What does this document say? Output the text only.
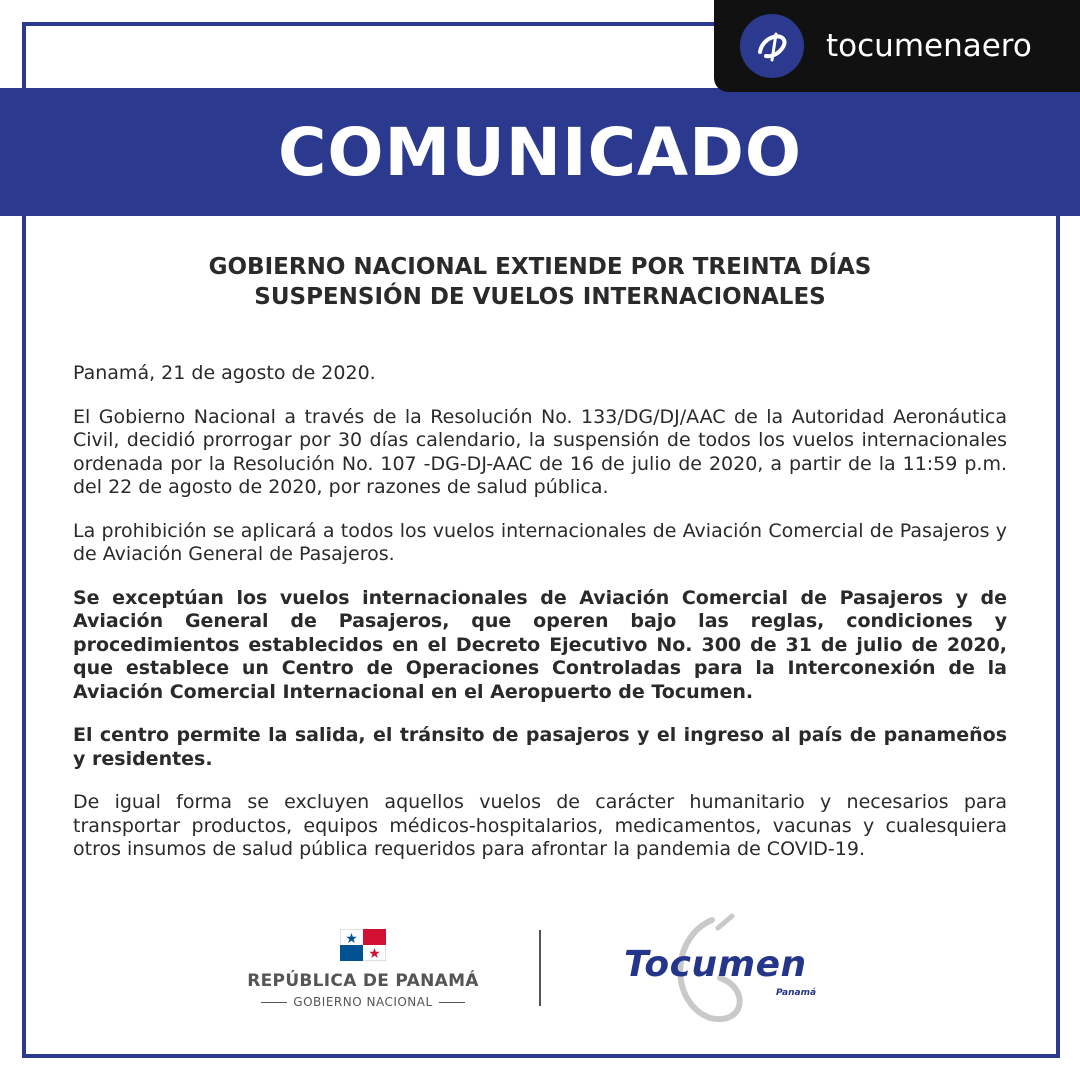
COMUNICADO
tocumenaero
GOBIERNO NACIONAL EXTIENDE POR TREINTA DÍAS
SUSPENSIÓN DE VUELOS INTERNACIONALES

Panamá, 21 de agosto de 2020.

El Gobierno Nacional a través de la Resolución No. 133/DG/DJ/AAC de la Autoridad Aeronáutica Civil, decidió prorrogar por 30 días calendario, la suspensión de todos los vuelos internacionales ordenada por la Resolución No. 107 -DG-DJ-AAC de 16 de julio de 2020, a partir de la 11:59 p.m. del 22 de agosto de 2020, por razones de salud pública.

La prohibición se aplicará a todos los vuelos internacionales de Aviación Comercial de Pasajeros y de Aviación General de Pasajeros.

Se exceptúan los vuelos internacionales de Aviación Comercial de Pasajeros y de Aviación General de Pasajeros, que operen bajo las reglas, condiciones y procedimientos establecidos en el Decreto Ejecutivo No. 300 de 31 de julio de 2020, que establece un Centro de Operaciones Controladas para la Interconexión de la Aviación Comercial Internacional en el Aeropuerto de Tocumen.

El centro permite la salida, el tránsito de pasajeros y el ingreso al país de panameños y residentes.

De igual forma se excluyen aquellos vuelos de carácter humanitario y necesarios para transportar productos, equipos médicos-hospitalarios, medicamentos, vacunas y cualesquiera otros insumos de salud pública requeridos para afrontar la pandemia de COVID-19.

REPÚBLICA DE PANAMÁ
GOBIERNO NACIONAL
Tocumen
Panamá
